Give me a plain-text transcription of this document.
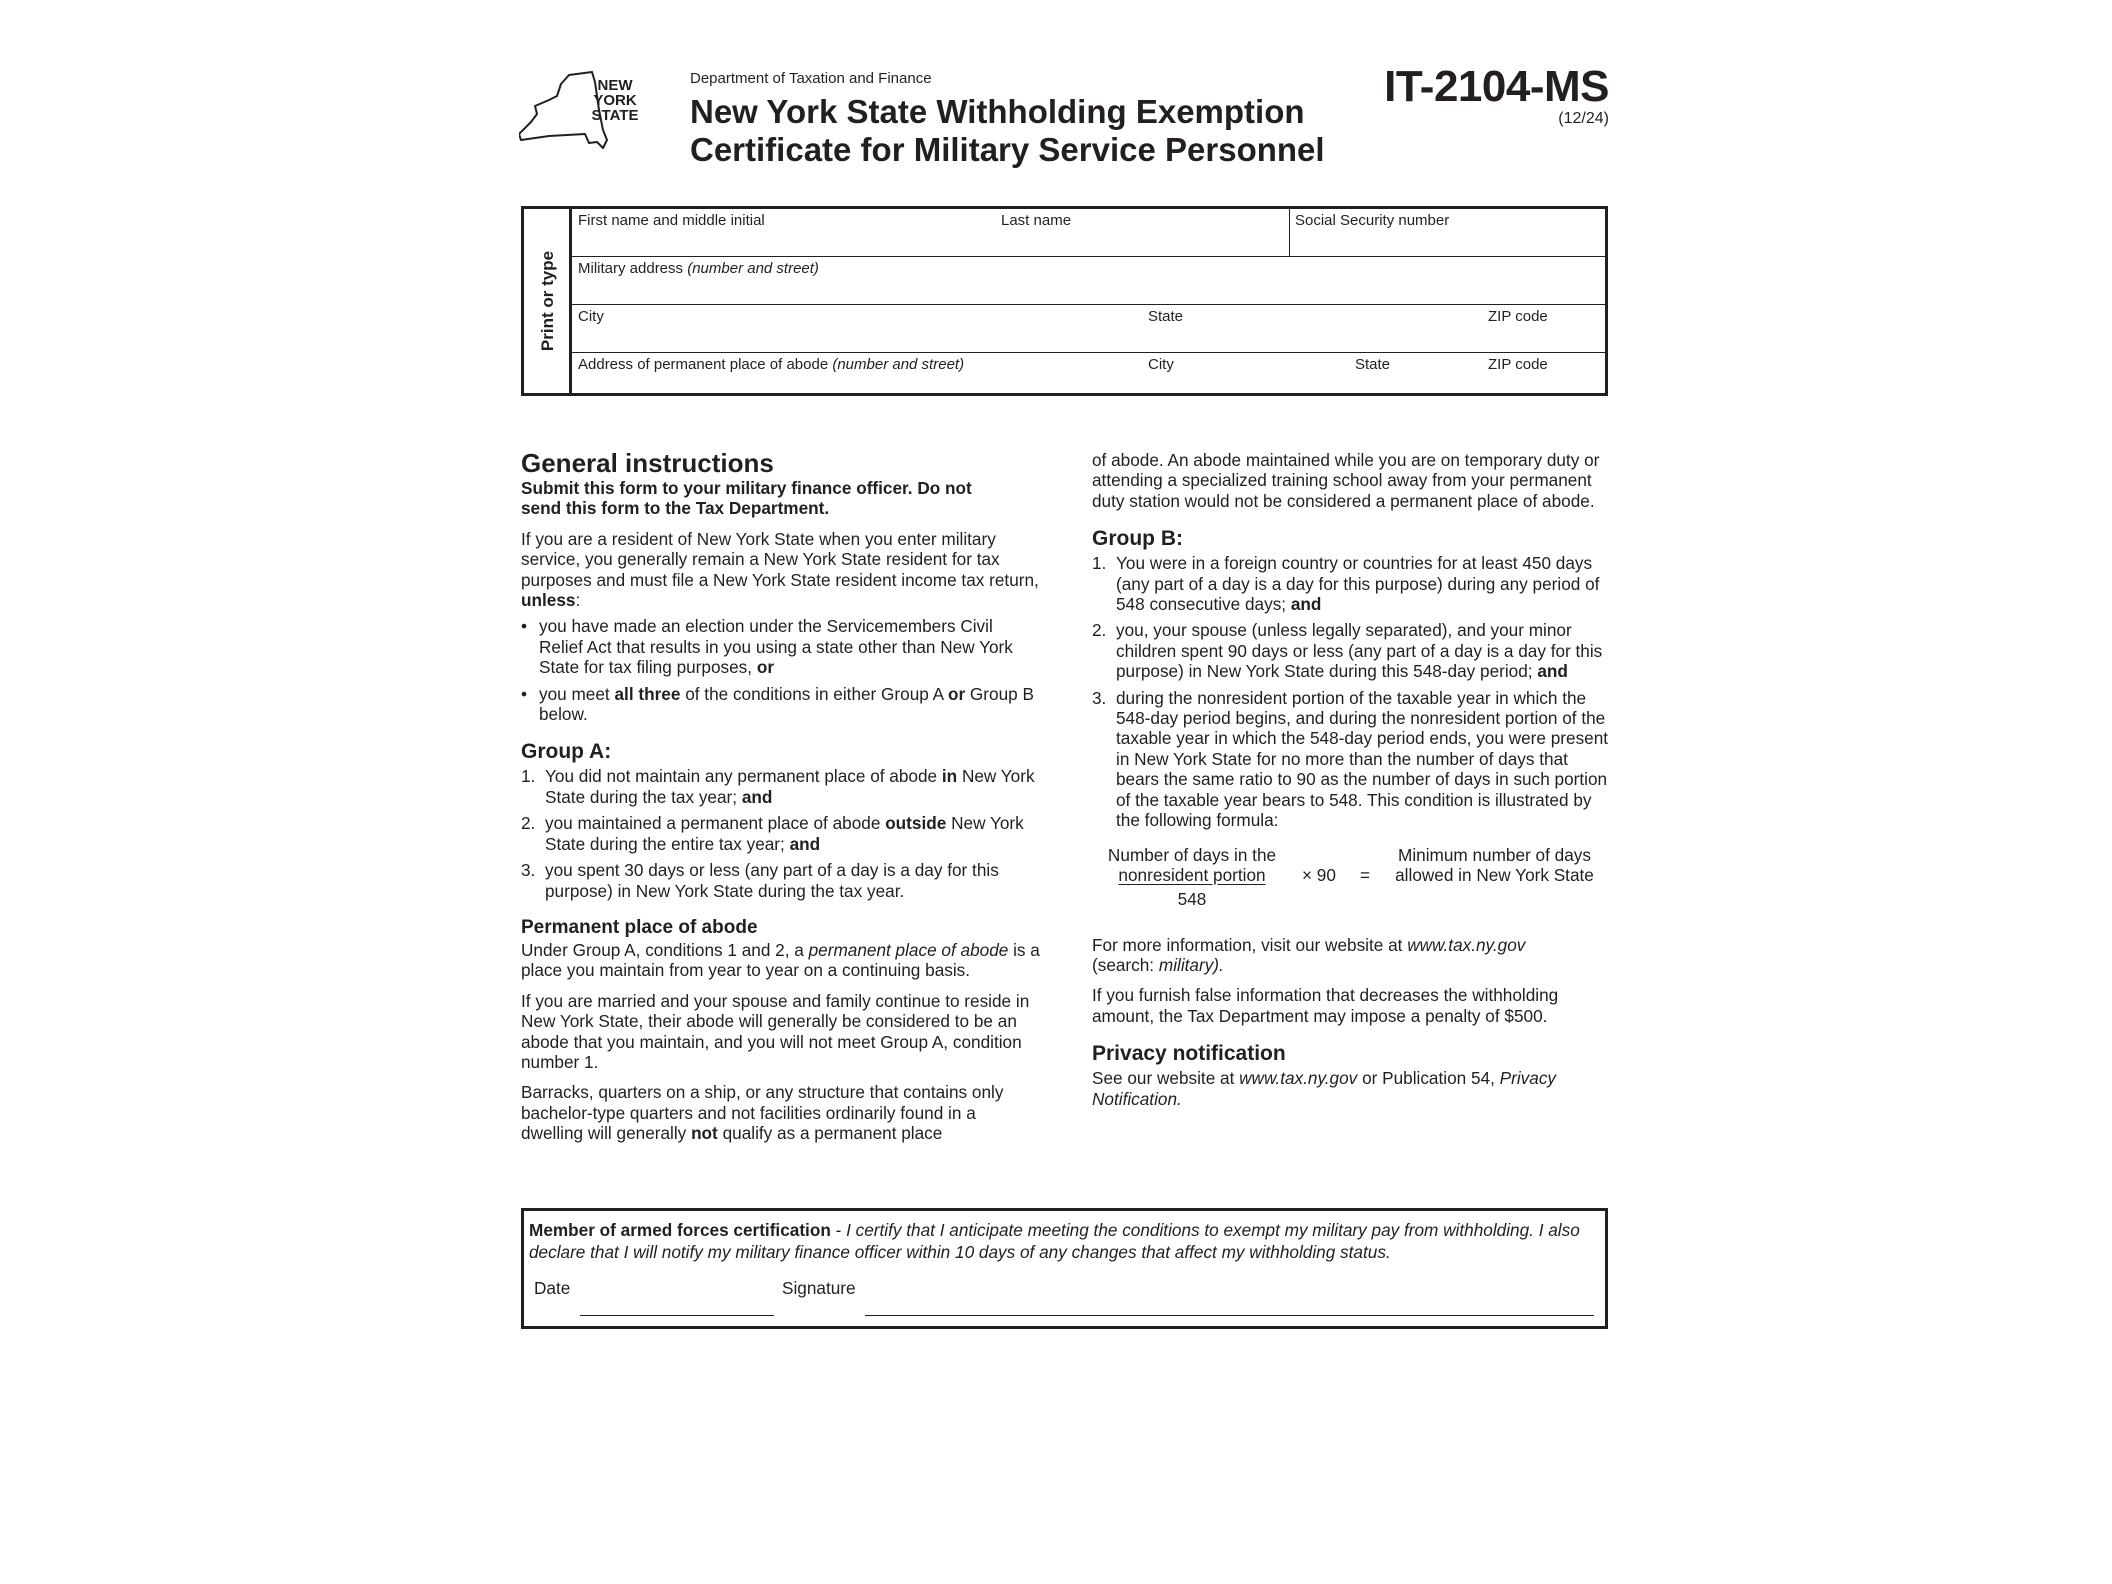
NEW YORK STATE
Department of Taxation and Finance
New York State Withholding Exemption
Certificate for Military Service Personnel
IT-2104-MS
(12/24)
Print or type
First name and middle initial	Last name	Social Security number
Military address (number and street)
City	State	ZIP code
Address of permanent place of abode (number and street)	City	State	ZIP code
General instructions

Submit this form to your military finance officer. Do not
send this form to the Tax Department.

If you are a resident of New York State when you enter military service, you generally remain a New York State resident for tax purposes and must file a New York State resident income tax return, unless:

• you have made an election under the Servicemembers Civil Relief Act that results in you using a state other than New York State for tax filing purposes, or
• you meet all three of the conditions in either Group A or Group B below.
Group A:
1. You did not maintain any permanent place of abode in New York State during the tax year; and
2. you maintained a permanent place of abode outside New York State during the entire tax year; and
3. you spent 30 days or less (any part of a day is a day for this purpose) in New York State during the tax year.
Permanent place of abode

Under Group A, conditions 1 and 2, a permanent place of abode is a place you maintain from year to year on a continuing basis.

If you are married and your spouse and family continue to reside in New York State, their abode will generally be considered to be an abode that you maintain, and you will not meet Group A, condition number 1.

Barracks, quarters on a ship, or any structure that contains only bachelor-type quarters and not facilities ordinarily found in a dwelling will generally not qualify as a permanent place

of abode. An abode maintained while you are on temporary duty or attending a specialized training school away from your permanent duty station would not be considered a permanent place of abode.

Group B:
1. You were in a foreign country or countries for at least 450 days (any part of a day is a day for this purpose) during any period of 548 consecutive days; and
2. you, your spouse (unless legally separated), and your minor children spent 90 days or less (any part of a day is a day for this purpose) in New York State during this 548-day period; and
3. during the nonresident portion of the taxable year in which the 548-day period begins, and during the nonresident portion of the taxable year in which the 548-day period ends, you were present in New York State for no more than the number of days that bears the same ratio to 90 as the number of days in such portion of the taxable year bears to 548. This condition is illustrated by the following formula:
Number of days in the
nonresident portion
548
× 90 =
Minimum number of days
allowed in New York State

For more information, visit our website at www.tax.ny.gov
(search: military).

If you furnish false information that decreases the withholding amount, the Tax Department may impose a penalty of $500.

Privacy notification

See our website at www.tax.ny.gov or Publication 54, Privacy Notification.

Member of armed forces certification - I certify that I anticipate meeting the conditions to exempt my military pay from withholding. I also declare that I will notify my military finance officer within 10 days of any changes that affect my withholding status.
Date	Signature
